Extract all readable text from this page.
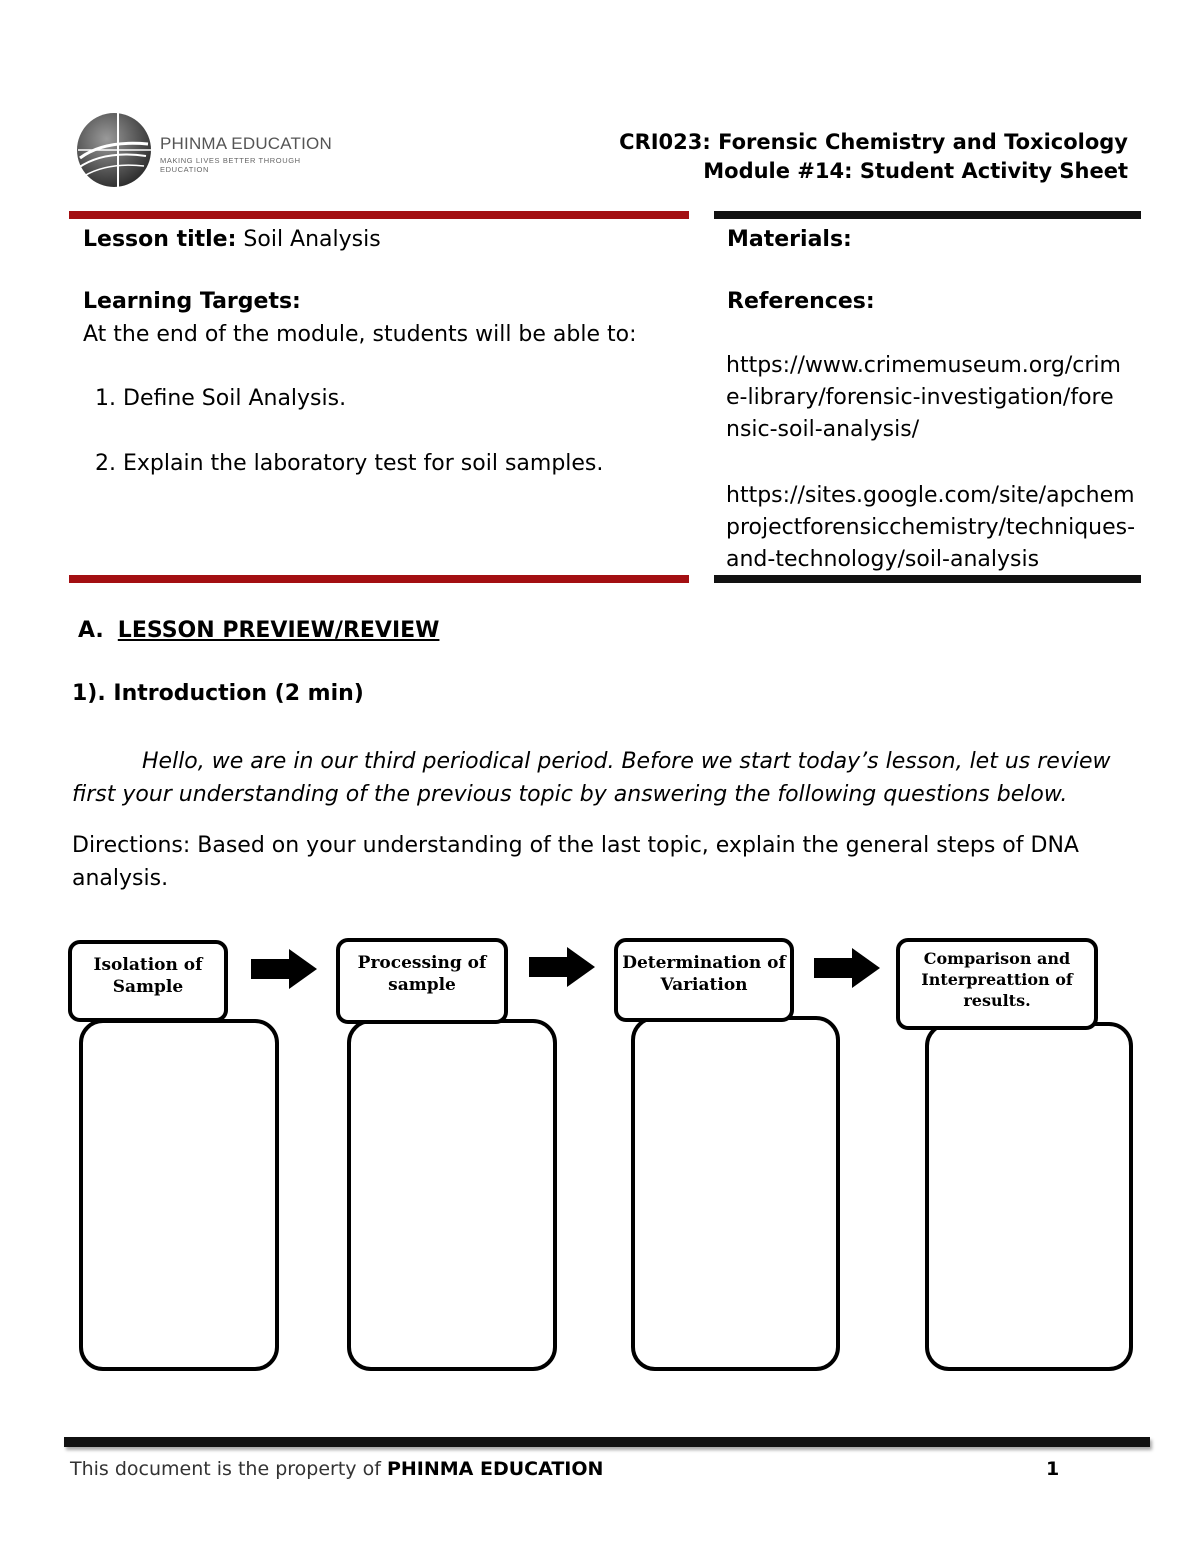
PHINMA EDUCATION
MAKING LIVES BETTER THROUGH EDUCATION
CRI023: Forensic Chemistry and Toxicology
Module #14: Student Activity Sheet
Lesson title: Soil Analysis
Learning Targets:
At the end of the module, students will be able to:
1. Define Soil Analysis.
2. Explain the laboratory test for soil samples.
Materials:
References:
https://www.crimemuseum.org/crime-library/forensic-investigation/forensic-soil-analysis/
https://sites.google.com/site/apchemprojectforensicchemistry/techniques-and-technology/soil-analysis
A. LESSON PREVIEW/REVIEW
1). Introduction (2 min)
Hello, we are in our third periodical period. Before we start today’s lesson, let us review first your understanding of the previous topic by answering the following questions below.
Directions: Based on your understanding of the last topic, explain the general steps of DNA analysis.
Isolation of Sample
Processing of sample
Determination of Variation
Comparison and Interpreattion of results.
This document is the property of PHINMA EDUCATION	1
